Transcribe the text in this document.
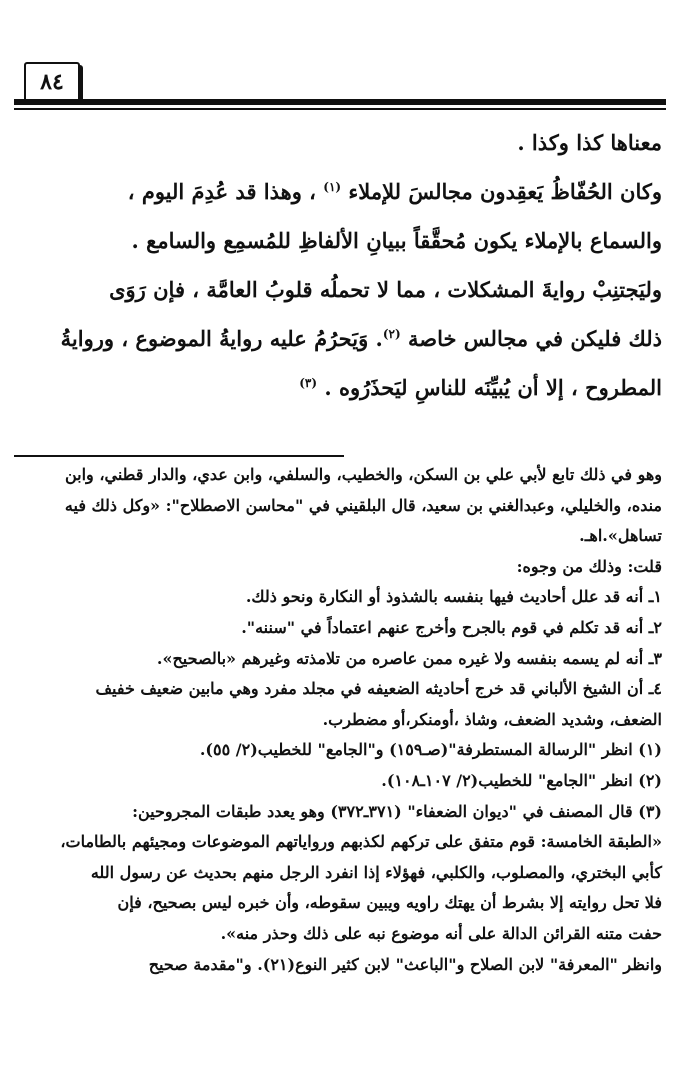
٨٤

معناها كذا وكذا .

وكان الحُفّاظُ يَعقِدون مجالسَ للإملاء $^{(١)}$ ، وهذا قد عُدِمَ اليوم ،

والسماع بالإملاء يكون مُحقَّقاً ببيانِ الألفاظِ للمُسمِع والسامع .

وليَجتنِبْ روايةَ المشكلات ، مما لا تحملُه قلوبُ العامَّة ، فإن رَوَى

ذلك فليكن في مجالس خاصة $^{(٢)}$. وَيَحرُمُ عليه روايةُ الموضوع ، وروايةُ

المطروح ، إلا أن يُبيِّنَه للناسِ ليَحذَرُوه . $^{(٣)}$

وهو في ذلك تابع لأبي علي بن السكن، والخطيب، والسلفي، وابن عدي، والدار قطني، وابن

منده، والخليلي، وعبدالغني بن سعيد، قال البلقيني في "محاسن الاصطلاح": «وكل ذلك فيه

تساهل».اهـ.

قلت: وذلك من وجوه:

١ـ أنه قد علل أحاديث فيها بنفسه بالشذوذ أو النكارة ونحو ذلك.

٢ـ أنه قد تكلم في قوم بالجرح وأخرج عنهم اعتماداً في "سننه".

٣ـ أنه لم يسمه بنفسه ولا غيره ممن عاصره من تلامذته وغيرهم «بالصحيح».

٤ـ أن الشيخ الألباني قد خرج أحاديثه الضعيفه في مجلد مفرد وهي مابين ضعيف خفيف

الضعف، وشديد الضعف، وشاذ ،أومنكر،أو مضطرب.

(١) انظر "الرسالة المستطرفة"(صـ١٥٩) و"الجامع" للخطيب(٢/ ٥٥).

(٢) انظر "الجامع" للخطيب(٢/ ١٠٧ـ١٠٨).

(٣) قال المصنف في "ديوان الضعفاء" (٣٧١ـ٣٧٢) وهو يعدد طبقات المجروحين:

«الطبقة الخامسة: قوم متفق على تركهم لكذبهم ورواياتهم الموضوعات ومجيئهم بالطامات،

كأبي البختري، والمصلوب، والكلبي، فهؤلاء إذا انفرد الرجل منهم بحديث عن رسول الله

فلا تحل روايته إلا بشرط أن يهتك راويه ويبين سقوطه، وأن خبره ليس بصحيح، فإن

حفت متنه القرائن الدالة على أنه موضوع نبه على ذلك وحذر منه».

وانظر "المعرفة" لابن الصلاح و"الباعث" لابن كثير النوع(٢١). و"مقدمة صحيح
